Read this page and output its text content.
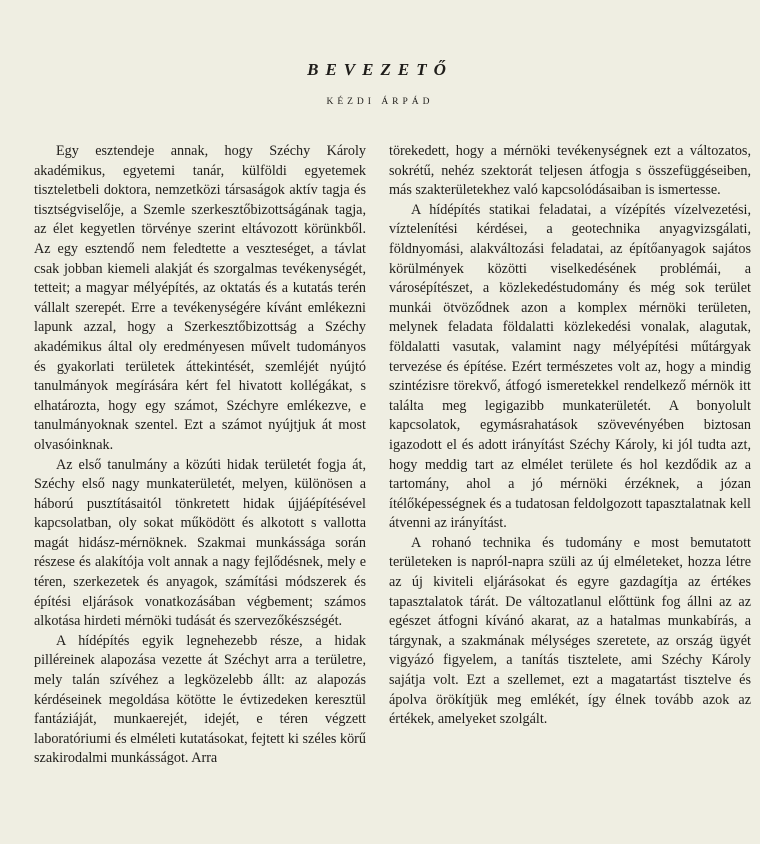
BEVEZETŐ
KÉZDI ÁRPÁD

Egy esztendeje annak, hogy Széchy Károly akadémikus, egyetemi tanár, külföldi egyetemek tiszteletbeli doktora, nemzetközi társaságok aktív tagja és tisztségviselője, a Szemle szerkesztőbizottságának tagja, az élet kegyetlen törvénye szerint eltávozott körünkből. Az egy esztendő nem feledtette a veszteséget, a távlat csak jobban kiemeli alakját és szorgalmas tevékenységét, tetteit; a magyar mélyépítés, az oktatás és a kutatás terén vállalt szerepét. Erre a tevékenységére kívánt emlékezni lapunk azzal, hogy a Szerkesztőbizottság a Széchy akadémikus által oly eredményesen művelt tudományos és gyakorlati területek áttekintését, szemléjét nyújtó tanulmányok megírására kért fel hivatott kollégákat, s elhatározta, hogy egy számot, Széchyre emlékezve, e tanulmányoknak szentel. Ezt a számot nyújtjuk át most olvasóinknak.

Az első tanulmány a közúti hidak területét fogja át, Széchy első nagy munkaterületét, melyen, különösen a háború pusztításaitól tönkretett hidak újjáépítésével kapcsolatban, oly sokat működött és alkotott s vallotta magát hidász-mérnöknek. Szakmai munkássága során részese és alakítója volt annak a nagy fejlődésnek, mely e téren, szerkezetek és anyagok, számítási módszerek és építési eljárások vonatkozásában végbement; számos alkotása hirdeti mérnöki tudását és szervezőkészségét.

A hídépítés egyik legnehezebb része, a hidak pilléreinek alapozása vezette át Széchyt arra a területre, mely talán szívéhez a legközelebb állt: az alapozás kérdéseinek megoldása kötötte le évtizedeken keresztül fantáziáját, munkaerejét, idejét, e téren végzett laboratóriumi és elméleti kutatásokat, fejtett ki széles körű szakirodalmi munkásságot. Arra

törekedett, hogy a mérnöki tevékenységnek ezt a változatos, sokrétű, nehéz szektorát teljesen átfogja s összefüggéseiben, más szakterületekhez való kapcsolódásaiban is ismertesse.

A hídépítés statikai feladatai, a vízépítés vízelvezetési, víztelenítési kérdései, a geotechnika anyagvizsgálati, földnyomási, alakváltozási feladatai, az építőanyagok sajátos körülmények közötti viselkedésének problémái, a városépítészet, a közlekedéstudomány és még sok terület munkái ötvöződnek azon a komplex mérnöki területen, melynek feladata földalatti közlekedési vonalak, alagutak, földalatti vasutak, valamint nagy mélyépítési műtárgyak tervezése és építése. Ezért természetes volt az, hogy a mindig szintézisre törekvő, átfogó ismeretekkel rendelkező mérnök itt találta meg legigazibb munkaterületét. A bonyolult kapcsolatok, egymásrahatások szövevényében biztosan igazodott el és adott irányítást Széchy Károly, ki jól tudta azt, hogy meddig tart az elmélet területe és hol kezdődik az a tartomány, ahol a jó mérnöki érzéknek, a józan ítélőképességnek és a tudatosan feldolgozott tapasztalatnak kell átvenni az irányítást.

A rohanó technika és tudomány e most bemutatott területeken is napról-napra szüli az új elméleteket, hozza létre az új kiviteli eljárásokat és egyre gazdagítja az értékes tapasztalatok tárát. De változatlanul előttünk fog állni az az egészet átfogni kívánó akarat, az a hatalmas munkabírás, a tárgynak, a szakmának mélységes szeretete, az ország ügyét vigyázó figyelem, a tanítás tisztelete, ami Széchy Károly sajátja volt. Ezt a szellemet, ezt a magatartást tisztelve és ápolva örökítjük meg emlékét, így élnek tovább azok az értékek, amelyeket szolgált.
